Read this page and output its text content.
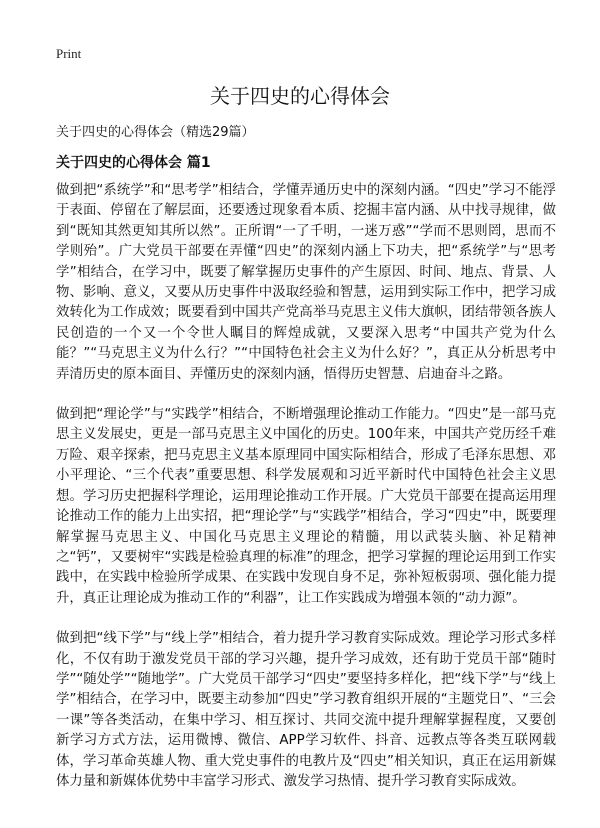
Print
关于四史的心得体会
关于四史的心得体会（精选29篇）
关于四史的心得体会 篇1

做到把“系统学”和“思考学”相结合，学懂弄通历史中的深刻内涵。“四史”学习不能浮于表面、停留在了解层面，还要透过现象看本质、挖掘丰富内涵、从中找寻规律，做到“既知其然更知其所以然”。正所谓“一了千明，一迷万惑”“学而不思则罔，思而不学则殆”。广大党员干部要在弄懂“四史”的深刻内涵上下功夫，把“系统学”与“思考学”相结合，在学习中，既要了解掌握历史事件的产生原因、时间、地点、背景、人物、影响、意义，又要从历史事件中汲取经验和智慧，运用到实际工作中，把学习成效转化为工作成效；既要看到中国共产党高举马克思主义伟大旗帜，团结带领各族人民创造的一个又一个令世人瞩目的辉煌成就，又要深入思考“中国共产党为什么能？”“马克思主义为什么行？”“中国特色社会主义为什么好？”，真正从分析思考中弄清历史的原本面目、弄懂历史的深刻内涵，悟得历史智慧、启迪奋斗之路。

做到把“理论学”与“实践学”相结合，不断增强理论推动工作能力。“四史”是一部马克思主义发展史，更是一部马克思主义中国化的历史。100年来，中国共产党历经千难万险、艰辛探索，把马克思主义基本原理同中国实际相结合，形成了毛泽东思想、邓小平理论、“三个代表”重要思想、科学发展观和习近平新时代中国特色社会主义思想。学习历史把握科学理论，运用理论推动工作开展。广大党员干部要在提高运用理论推动工作的能力上出实招，把“理论学”与“实践学”相结合，学习“四史”中，既要理解掌握马克思主义、中国化马克思主义理论的精髓，用以武装头脑、补足精神之“钙”，又要树牢“实践是检验真理的标准”的理念，把学习掌握的理论运用到工作实践中，在实践中检验所学成果、在实践中发现自身不足，弥补短板弱项、强化能力提升，真正让理论成为推动工作的“利器”，让工作实践成为增强本领的“动力源”。

做到把“线下学”与“线上学”相结合，着力提升学习教育实际成效。理论学习形式多样化，不仅有助于激发党员干部的学习兴趣，提升学习成效，还有助于党员干部“随时学”“随处学”“随地学”。广大党员干部学习“四史”要坚持多样化，把“线下学”与“线上学”相结合，在学习中，既要主动参加“四史”学习教育组织开展的“主题党日”、“三会一课”等各类活动，在集中学习、相互探讨、共同交流中提升理解掌握程度，又要创新学习方式方法，运用微博、微信、APP学习软件、抖音、远教点等各类互联网载体，学习革命英雄人物、重大党史事件的电教片及“四史”相关知识，真正在运用新媒体力量和新媒体优势中丰富学习形式、激发学习热情、提升学习教育实际成效。
